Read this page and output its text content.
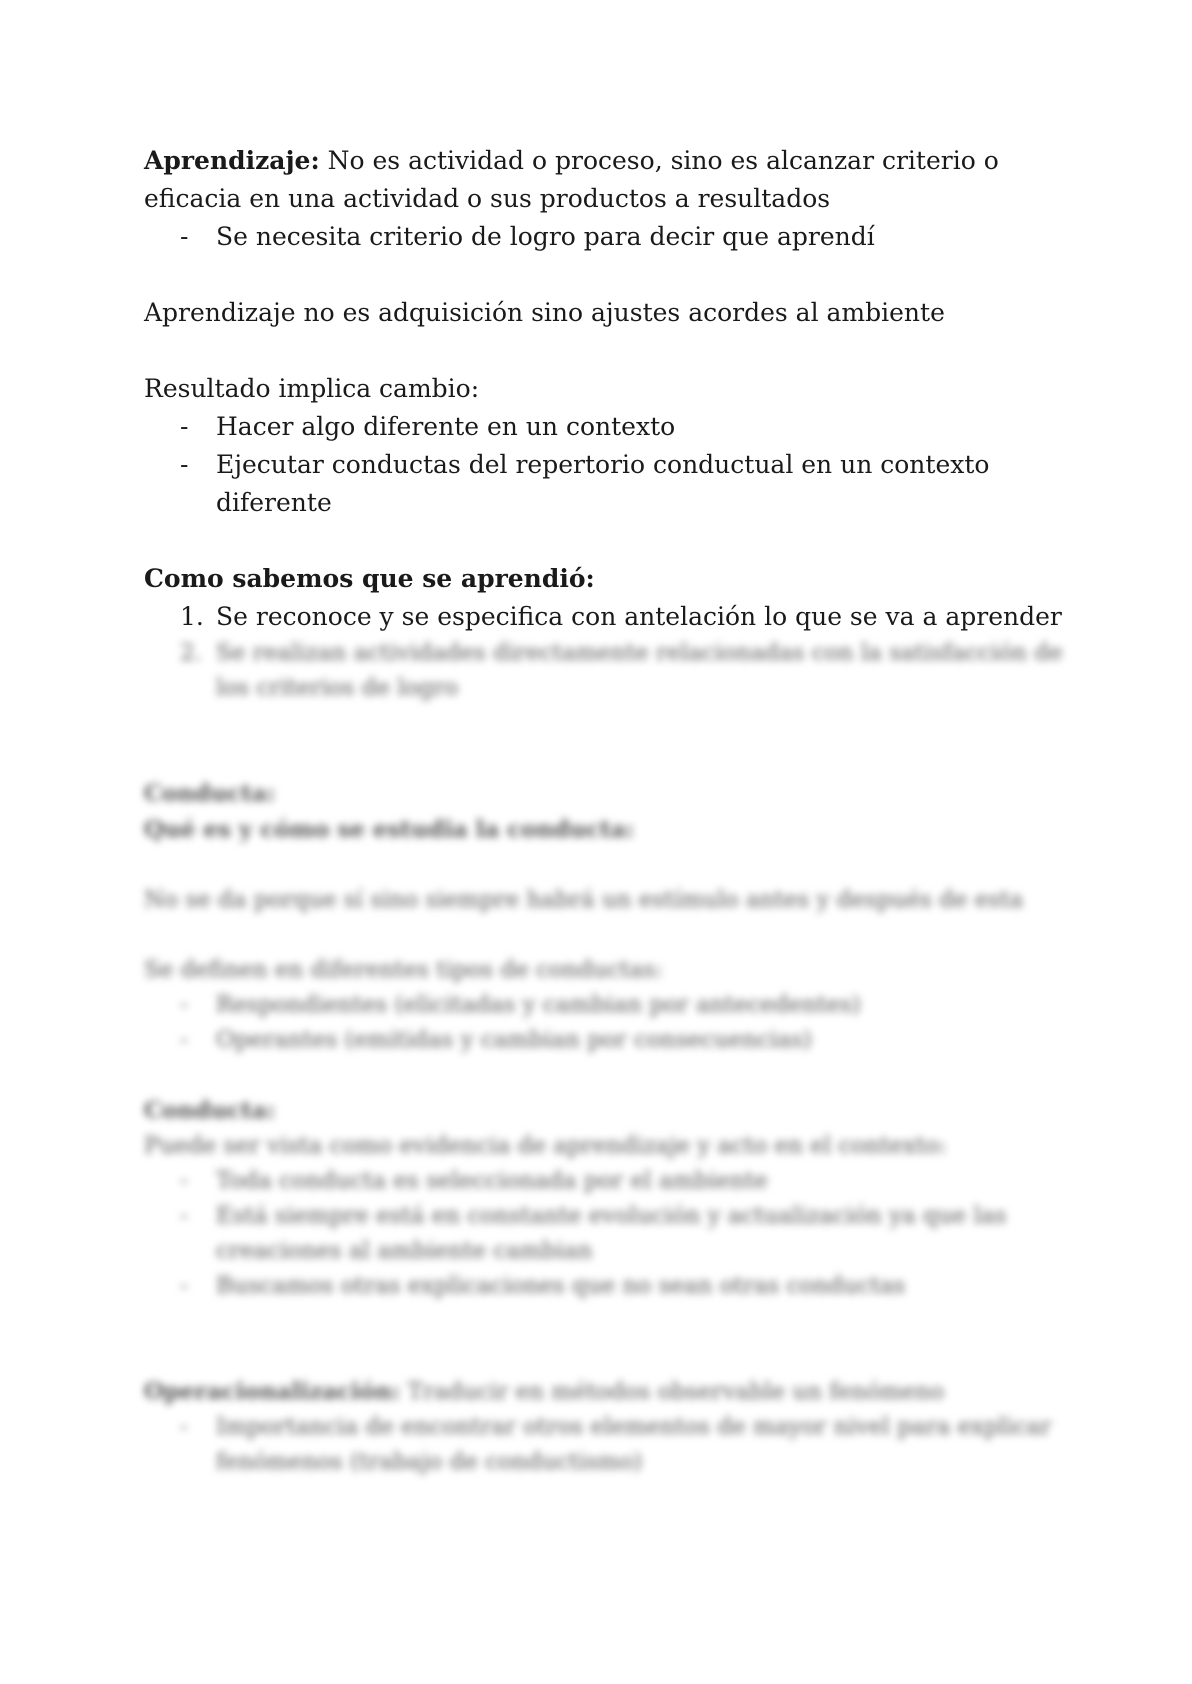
Aprendizaje: No es actividad o proceso, sino es alcanzar criterio o eficacia en una actividad o sus productos a resultados

- Se necesita criterio de logro para decir que aprendí

Aprendizaje no es adquisición sino ajustes acordes al ambiente

Resultado implica cambio:

- Hacer algo diferente en un contexto
- Ejecutar conductas del repertorio conductual en un contexto diferente

Como sabemos que se aprendió:

1. Se reconoce y se especifica con antelación lo que se va a aprender
2. Se realizan actividades directamente relacionadas con la satisfacción de los criterios de logro

Conducta:

Qué es y cómo se estudia la conducta:

No se da porque sí sino siempre habrá un estímulo antes y después de esta

Se definen en diferentes tipos de conductas:

- Respondientes (elicitadas y cambian por antecedentes)
- Operantes (emitidas y cambian por consecuencias)

Conducta:

Puede ser vista como evidencia de aprendizaje y acto en el contexto:

- Toda conducta es seleccionada por el ambiente
- Está siempre está en constante evolución y actualización ya que las creaciones al ambiente cambian
- Buscamos otras explicaciones que no sean otras conductas

Operacionalización: Traducir en métodos observable un fenómeno

- Importancia de encontrar otros elementos de mayor nivel para explicar fenómenos (trabajo de conductismo)
